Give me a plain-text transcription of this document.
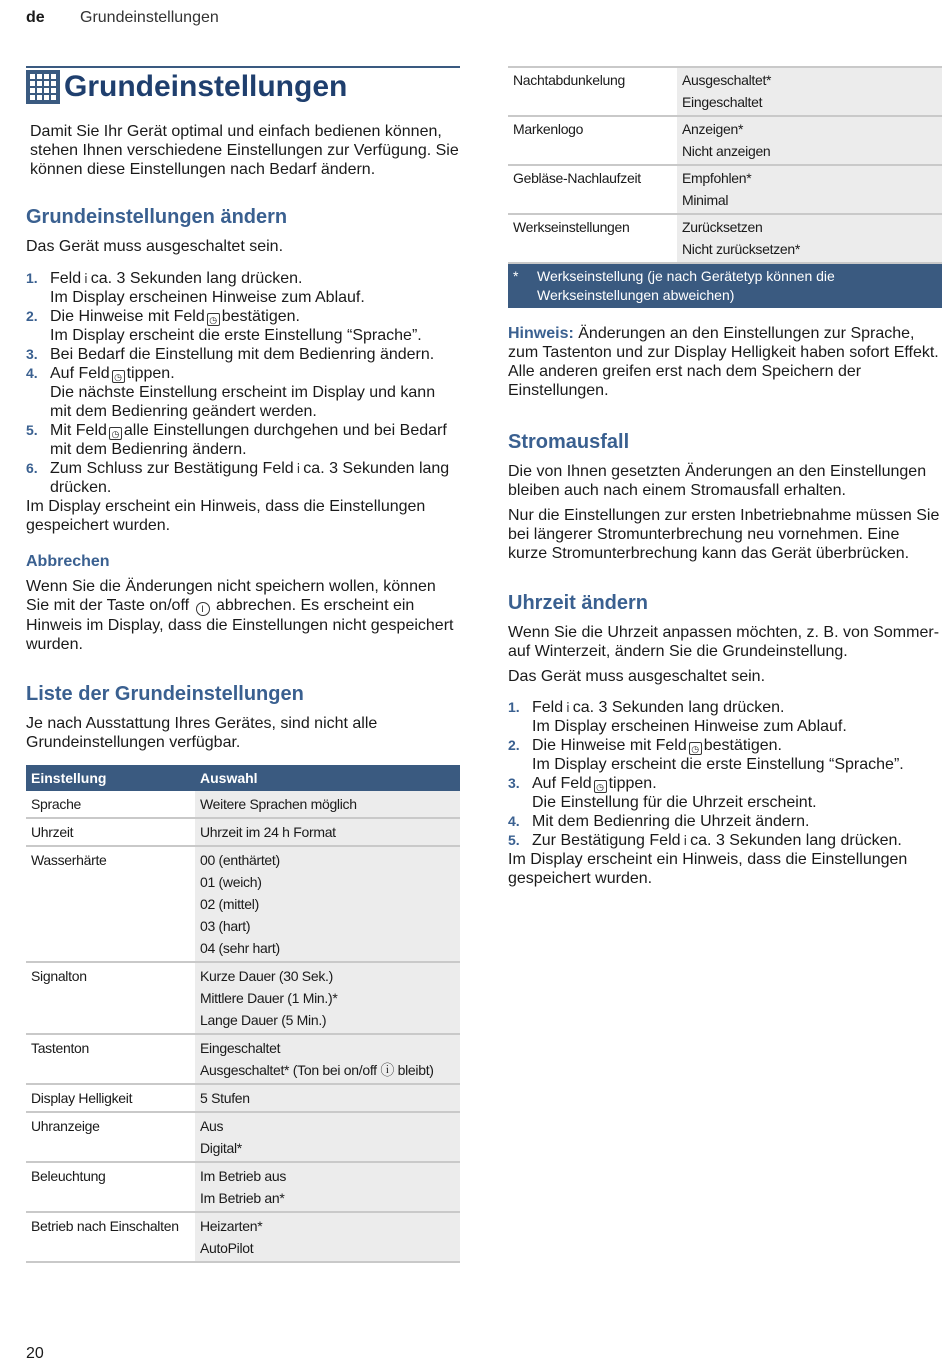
de Grundeinstellungen
Grundeinstellungen

Damit Sie Ihr Gerät optimal und einfach bedienen können, stehen Ihnen verschiedene Einstellungen zur Verfügung. Sie können diese Einstellungen nach Bedarf ändern.

Grundeinstellungen ändern

Das Gerät muss ausgeschaltet sein.

1. Feld ⅰ ca. 3 Sekunden lang drücken.
Im Display erscheinen Hinweise zum Ablauf.
2. Die Hinweise mit Feld ◷ bestätigen.
Im Display erscheint die erste Einstellung “Sprache”.
3. Bei Bedarf die Einstellung mit dem Bedienring ändern.
4. Auf Feld ◷ tippen.
Die nächste Einstellung erscheint im Display und kann mit dem Bedienring geändert werden.
5. Mit Feld ◷ alle Einstellungen durchgehen und bei Bedarf mit dem Bedienring ändern.
6. Zum Schluss zur Bestätigung Feld ⅰ ca. 3 Sekunden lang drücken.

Im Display erscheint ein Hinweis, dass die Einstellungen gespeichert wurden.

Abbrechen

Wenn Sie die Änderungen nicht speichern wollen, können Sie mit der Taste on/off I abbrechen. Es erscheint ein Hinweis im Display, dass die Einstellungen nicht gespeichert wurden.

Liste der Grundeinstellungen

Je nach Ausstattung Ihres Gerätes, sind nicht alle Grundeinstellungen verfügbar.

Einstellung	Auswahl

Sprache	Weitere Sprachen möglich

Uhrzeit	Uhrzeit im 24 h Format

Wasserhärte	00 (enthärtet)
01 (weich)
02 (mittel)
03 (hart)
04 (sehr hart)

Signalton	Kurze Dauer (30 Sek.)
Mittlere Dauer (1 Min.)*
Lange Dauer (5 Min.)

Tastenton	Eingeschaltet
Ausgeschaltet* (Ton bei on/off ⓘ bleibt)

Display Helligkeit	5 Stufen

Uhranzeige	Aus
Digital*

Beleuchtung	Im Betrieb aus
Im Betrieb an*

Betrieb nach Einschalten	Heizarten*
AutoPilot
Nachtabdunkelung	Ausgeschaltet*
Eingeschaltet

Markenlogo	Anzeigen*
Nicht anzeigen

Gebläse-Nachlaufzeit	Empfohlen*
Minimal

Werkseinstellungen	Zurücksetzen
Nicht zurücksetzen*
* Werkseinstellung (je nach Gerätetyp können die Werkseinstellungen abweichen)

Hinweis: Änderungen an den Einstellungen zur Sprache, zum Tastenton und zur Display Helligkeit haben sofort Effekt. Alle anderen greifen erst nach dem Speichern der Einstellungen.

Stromausfall

Die von Ihnen gesetzten Änderungen an den Einstellungen bleiben auch nach einem Stromausfall erhalten.

Nur die Einstellungen zur ersten Inbetriebnahme müssen Sie bei längerer Stromunterbrechung neu vornehmen. Eine kurze Stromunterbrechung kann das Gerät überbrücken.

Uhrzeit ändern

Wenn Sie die Uhrzeit anpassen möchten, z. B. von Sommer- auf Winterzeit, ändern Sie die Grundeinstellung.

Das Gerät muss ausgeschaltet sein.

1. Feld ⅰ ca. 3 Sekunden lang drücken.
Im Display erscheinen Hinweise zum Ablauf.
2. Die Hinweise mit Feld ◷ bestätigen.
Im Display erscheint die erste Einstellung “Sprache”.
3. Auf Feld ◷ tippen.
Die Einstellung für die Uhrzeit erscheint.
4. Mit dem Bedienring die Uhrzeit ändern.
5. Zur Bestätigung Feld ⅰ ca. 3 Sekunden lang drücken.

Im Display erscheint ein Hinweis, dass die Einstellungen gespeichert wurden.

20
